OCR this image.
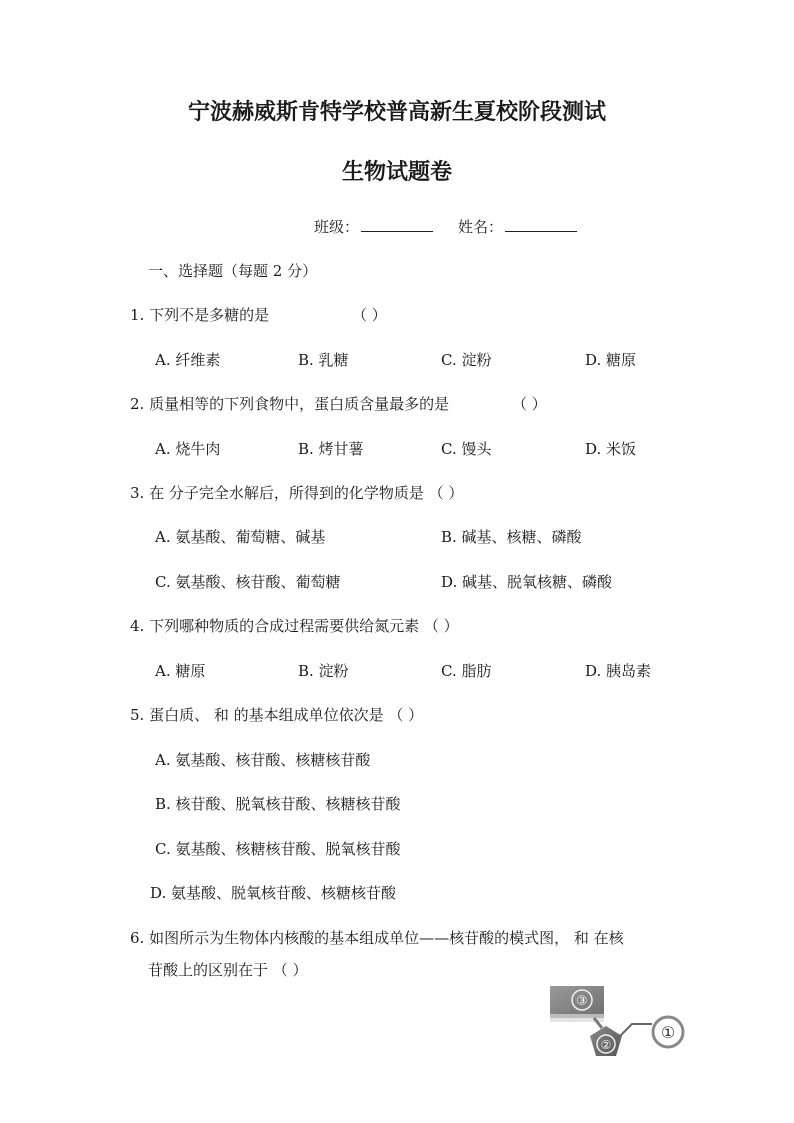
宁波赫威斯肯特学校普高新生夏校阶段测试
生物试题卷
班级：	姓名：
一、选择题（每题 2 分）
1. 下列不是多糖的是	（ ）
A. 纤维素	B. 乳糖	C. 淀粉	D. 糖原
2. 质量相等的下列食物中，蛋白质含量最多的是	（ ）
A. 烧牛肉	B. 烤甘薯	C. 馒头	D. 米饭
3. 在 分子完全水解后，所得到的化学物质是 （ ）
A. 氨基酸、葡萄糖、碱基	B. 碱基、核糖、磷酸
C. 氨基酸、核苷酸、葡萄糖	D. 碱基、脱氧核糖、磷酸
4. 下列哪种物质的合成过程需要供给氮元素 （ ）
A. 糖原	B. 淀粉	C. 脂肪	D. 胰岛素
5. 蛋白质、 和 的基本组成单位依次是 （ ）
A. 氨基酸、核苷酸、核糖核苷酸
B. 核苷酸、脱氧核苷酸、核糖核苷酸
C. 氨基酸、核糖核苷酸、脱氧核苷酸
D. 氨基酸、脱氧核苷酸、核糖核苷酸
6. 如图所示为生物体内核酸的基本组成单位——核苷酸的模式图， 和 在核
苷酸上的区别在于 （ ）
③
②
①
